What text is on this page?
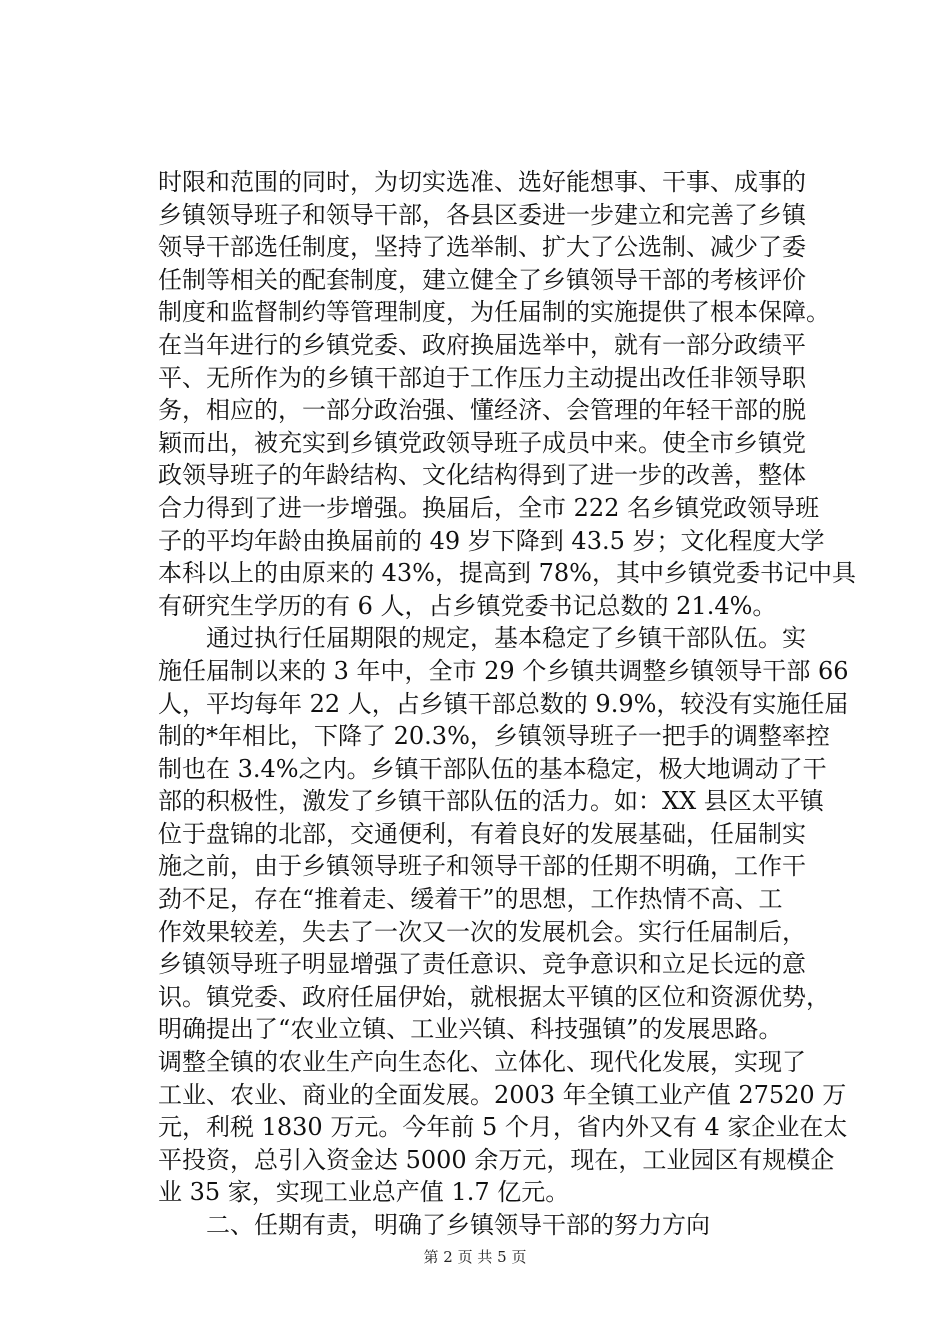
时限和范围的同时，为切实选准、选好能想事、干事、成事的
乡镇领导班子和领导干部，各县区委进一步建立和完善了乡镇
领导干部选任制度，坚持了选举制、扩大了公选制、减少了委
任制等相关的配套制度，建立健全了乡镇领导干部的考核评价
制度和监督制约等管理制度，为任届制的实施提供了根本保障。
在当年进行的乡镇党委、政府换届选举中，就有一部分政绩平
平、无所作为的乡镇干部迫于工作压力主动提出改任非领导职
务，相应的，一部分政治强、懂经济、会管理的年轻干部的脱
颖而出，被充实到乡镇党政领导班子成员中来。使全市乡镇党
政领导班子的年龄结构、文化结构得到了进一步的改善，整体
合力得到了进一步增强。换届后，全市 222 名乡镇党政领导班
子的平均年龄由换届前的 49 岁下降到 43.5 岁；文化程度大学
本科以上的由原来的 43%，提高到 78%，其中乡镇党委书记中具
有研究生学历的有 6 人，占乡镇党委书记总数的 21.4%。

通过执行任届期限的规定，基本稳定了乡镇干部队伍。实
施任届制以来的 3 年中，全市 29 个乡镇共调整乡镇领导干部 66
人，平均每年 22 人，占乡镇干部总数的 9.9%，较没有实施任届
制的*年相比，下降了 20.3%，乡镇领导班子一把手的调整率控
制也在 3.4%之内。乡镇干部队伍的基本稳定，极大地调动了干
部的积极性，激发了乡镇干部队伍的活力。如：XX 县区太平镇
位于盘锦的北部，交通便利，有着良好的发展基础，任届制实
施之前，由于乡镇领导班子和领导干部的任期不明确，工作干
劲不足，存在“推着走、缓着干”的思想，工作热情不高、工
作效果较差，失去了一次又一次的发展机会。实行任届制后，
乡镇领导班子明显增强了责任意识、竞争意识和立足长远的意
识。镇党委、政府任届伊始，就根据太平镇的区位和资源优势，
明确提出了“农业立镇、工业兴镇、科技强镇”的发展思路。
调整全镇的农业生产向生态化、立体化、现代化发展，实现了
工业、农业、商业的全面发展。2003 年全镇工业产值 27520 万
元，利税 1830 万元。今年前 5 个月，省内外又有 4 家企业在太
平投资，总引入资金达 5000 余万元，现在，工业园区有规模企
业 35 家，实现工业总产值 1.7 亿元。

二、任期有责，明确了乡镇领导干部的努力方向

第 2 页 共 5 页
